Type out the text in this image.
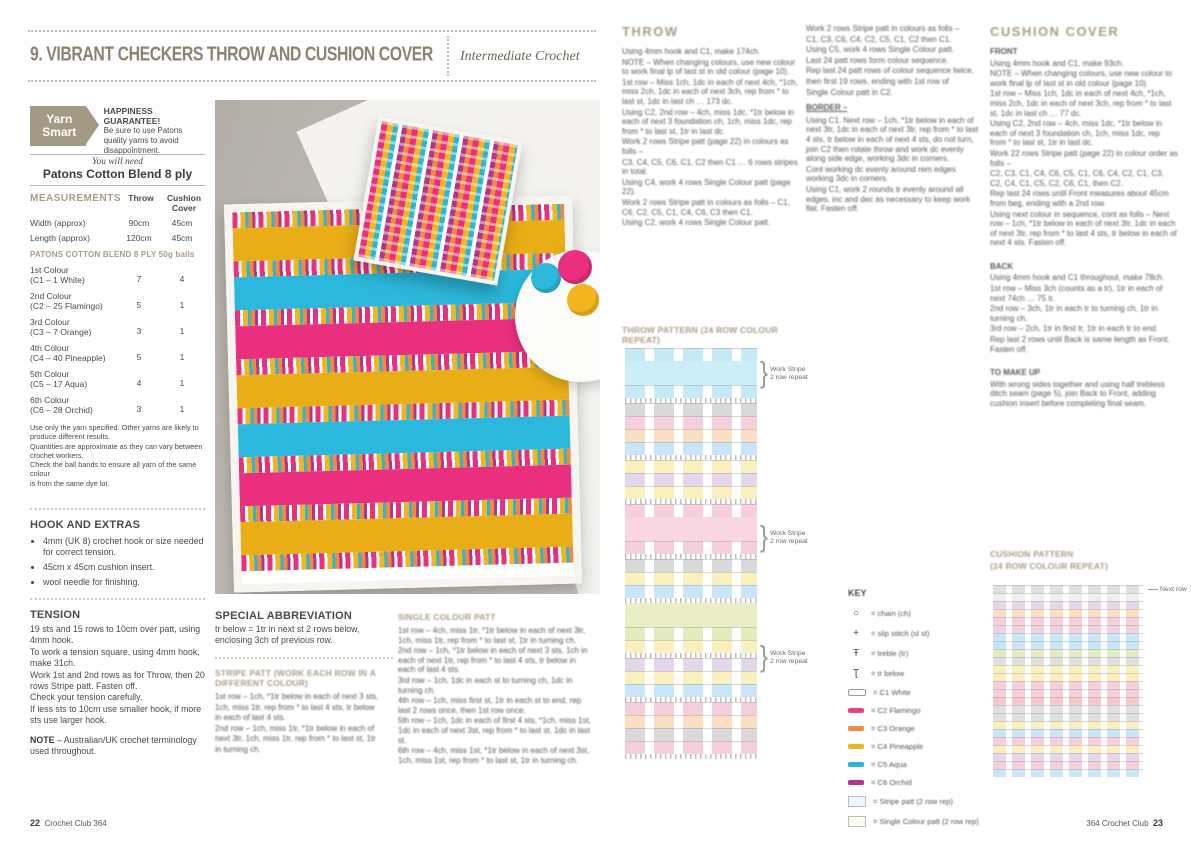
9. VIBRANT CHECKERS THROW AND CUSHION COVER Intermediate Crochet
Yarn
Smart
HAPPINESS GUARANTEE!
Be sure to use Patons quality yarns to avoid disappointment.
You will need
Patons Cotton Blend 8 ply
MEASUREMENTS Throw	Cushion Cover
Width (approx)	90cm	45cm
Length (approx)	120cm	45cm
PATONS COTTON BLEND 8 PLY 50g balls
1st Colour
(C1 – 1 White)	7	4
2nd Colour
(C2 – 25 Flamingo)	5	1
3rd Colour
(C3 – 7 Orange)	3	1
4th Colour
(C4 – 40 Pineapple)	5	1
5th Colour
(C5 – 17 Aqua)	4	1
6th Colour
(C6 – 28 Orchid)	3	1

Use only the yarn specified. Other yarns are likely to

produce different results.

Quantities are approximate as they can vary between

crochet workers.

Check the ball bands to ensure all yarn of the same colour

is from the same dye lot.

HOOK AND EXTRAS
• 4mm (UK 8) crochet hook or size needed for correct tension.
• 45cm x 45cm cushion insert.
• wool needle for finishing.
TENSION

19 sts and 15 rows to 10cm over patt, using 4mm hook.

To work a tension square, using 4mm hook, make 31ch.

Work 1st and 2nd rows as for Throw, then 20 rows Stripe patt. Fasten off.

Check your tension carefully.

If less sts to 10cm use smaller hook, if more sts use larger hook.

NOTE – Australian/UK crochet terminology used throughout.
SPECIAL ABBREVIATION

tr below = 1tr in next st 2 rows below,

enclosing 3ch of previous row.

STRIPE PATT (WORK EACH ROW IN A DIFFERENT COLOUR)

1st row – 1ch, *1tr below in each of next 3 sts,

1ch, miss 1tr, rep from * to last 4 sts, tr below

in each of last 4 sts.

2nd row – 1ch, miss 1tr, *1tr below in each of

next 3tr, 1ch, miss 1tr, rep from * to last st, 1tr

in turning ch.

SINGLE COLOUR PATT

1st row – 4ch, miss 1tr, *1tr below in each of next 3tr, 1ch, miss 1tr, rep from * to last st, 1tr in turning ch.

2nd row – 1ch, *1tr below in each of next 3 sts, 1ch in each of next 1tr, rep from * to last 4 sts, tr below in each of last 4 sts.

3rd row – 1ch, 1dc in each st to turning ch, 1dc in turning ch.

4th row – 1ch, miss first st, 1tr in each st to end, rep last 2 rows once, then 1st row once.

5th row – 1ch, 1dc in each of first 4 sts, *1ch, miss 1st, 1dc in each of next 3st, rep from * to last st, 1dc in last st.

6th row – 4ch, miss 1st, *1tr below in each of next 3st, 1ch, miss 1st, rep from * to last st, 1tr in turning ch.

THROW

Using 4mm hook and C1, make 174ch.

NOTE – When changing colours, use new colour to work final lp of last st in old colour (page 10).

1st row – Miss 1ch, 1dc in each of next 4ch, *1ch, miss 2ch, 1dc in each of next 3ch, rep from * to last st, 1dc in last ch … 173 dc.

Using C2, 2nd row – 4ch, miss 1dc, *1tr below in each of next 3 foundation ch, 1ch, miss 1dc, rep from * to last st, 1tr in last dc.

Work 2 rows Stripe patt (page 22) in colours as folls –

C3, C4, C5, C6, C1, C2 then C1 … 6 rows stripes in total.

Using C4, work 4 rows Single Colour patt (page 22).

Work 2 rows Stripe patt in colours as folls – C1, C6, C2, C5, C1, C4, C6, C3 then C1.

Using C2, work 4 rows Single Colour patt.

THROW PATTERN (24 ROW COLOUR REPEAT)
} Work Stripe
2 row repeat
} Work Stripe
2 row repeat
} Work Stripe
2 row repeat

Work 2 rows Stripe patt in colours as folls –

C1, C3, C6, C4, C2, C5, C1, C2 then C1.

Using C5, work 4 rows Single Colour patt.

Last 24 patt rows form colour sequence.

Rep last 24 patt rows of colour sequence twice,

then first 19 rows, ending with 1st row of

Single Colour patt in C2.

BORDER –

Using C1. Next row – 1ch, *1tr below in each of next 3tr, 1dc in each of next 3tr, rep from * to last 4 sts, tr below in each of next 4 sts, do not turn, join C2 then rotate throw and work dc evenly along side edge, working 3dc in corners.

Cont working dc evenly around rem edges working 3dc in corners.

Using C1, work 2 rounds tr evenly around all edges, inc and dec as necessary to keep work flat. Fasten off.

KEY
○	= chain (ch)
+	= slip stitch (sl st)
Ŧ	= treble (tr)
Ʈ	= tr below
= C1 White
= C2 Flamingo
= C3 Orange
= C4 Pineapple
= C5 Aqua
= C6 Orchid
= Stripe patt (2 row rep)
= Single Colour patt (2 row rep)
CUSHION COVER

FRONT

Using 4mm hook and C1, make 93ch.

NOTE – When changing colours, use new colour to work final lp of last st in old colour (page 10).

1st row – Miss 1ch, 1dc in each of next 4ch, *1ch, miss 2ch, 1dc in each of next 3ch, rep from * to last st, 1dc in last ch … 77 dc.

Using C2, 2nd row – 4ch, miss 1dc, *1tr below in each of next 3 foundation ch, 1ch, miss 1dc, rep from * to last st, 1tr in last dc.

Work 22 rows Stripe patt (page 22) in colour order as folls –

C2, C3, C1, C4, C6, C5, C1, C6, C4, C2, C1, C3, C2, C4, C1, C5, C2, C6, C1, then C2.

Rep last 24 rows until Front measures about 45cm from beg, ending with a 2nd row.

Using next colour in sequence, cont as folls – Next row – 1ch, *1tr below in each of next 3tr, 1dc in each of next 3tr, rep from * to last 4 sts, tr below in each of next 4 sts. Fasten off.

BACK

Using 4mm hook and C1 throughout, make 78ch.

1st row – Miss 3ch (counts as a tr), 1tr in each of next 74ch … 75 tr.

2nd row – 3ch, 1tr in each tr to turning ch, 1tr in turning ch.

3rd row – 2ch, 1tr in first tr, 1tr in each tr to end.

Rep last 2 rows until Back is same length as Front. Fasten off.

TO MAKE UP

With wrong sides together and using half trebless ditch seam (page 5), join Back to Front, adding cushion insert before completing final seam.

CUSHION PATTERN
(24 ROW COLOUR REPEAT)
Next row
22 Crochet Club 364	364 Crochet Club 23
